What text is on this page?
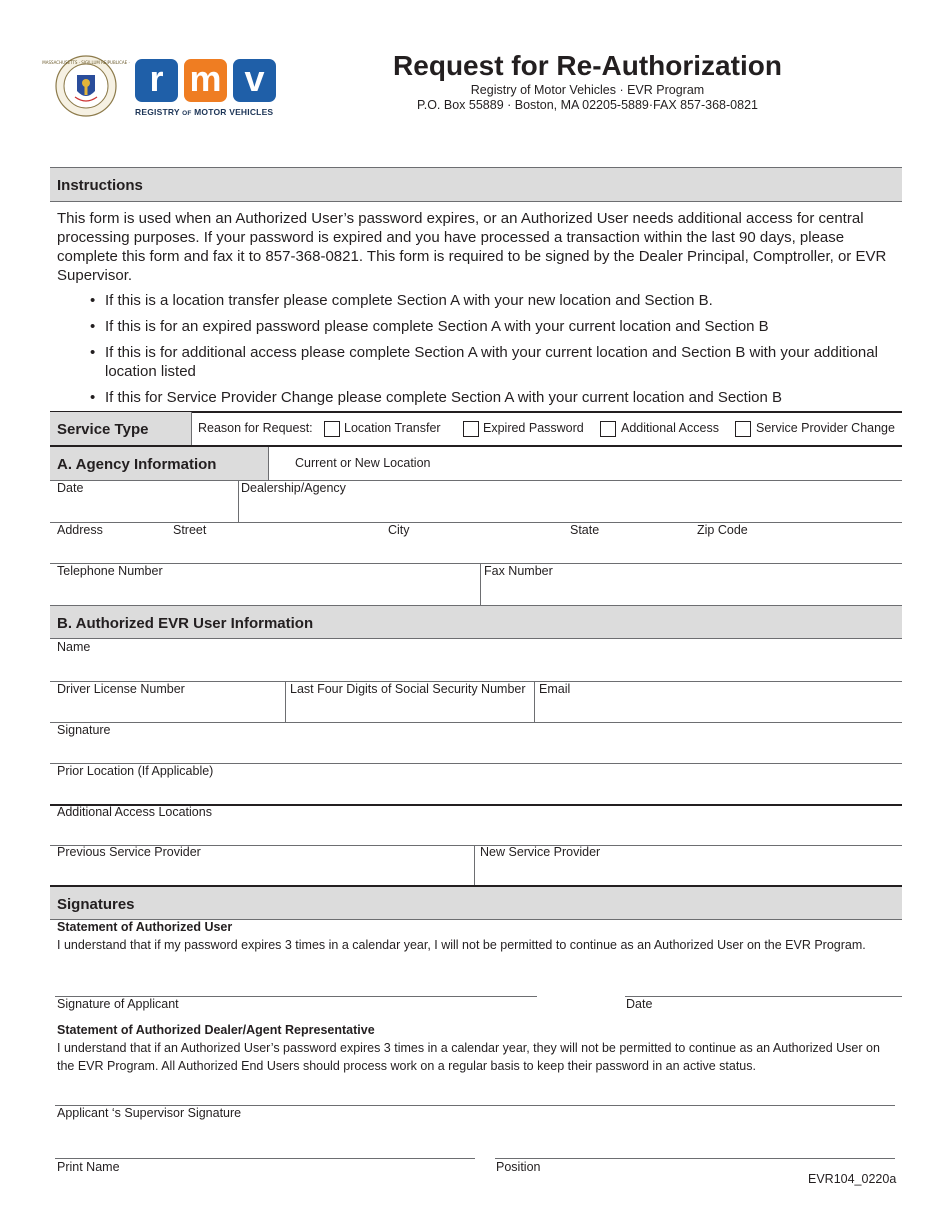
MASSACHUSETTS · SIGILLUM REIPUBLICAE · r m v
REGISTRY OF MOTOR VEHICLES
Request for Re-Authorization
Registry of Motor Vehicles · EVR Program
P.O. Box 55889 · Boston, MA 02205-5889·FAX 857-368-0821
Instructions
This form is used when an Authorized User’s password expires, or an Authorized User needs additional access for central processing purposes. If your password is expired and you have processed a transaction within the last 90 days, please complete this form and fax it to 857-368-0821. This form is required to be signed by the Dealer Principal, Comptroller, or EVR Supervisor.
• If this is a location transfer please complete Section A with your new location and Section B.
• If this is for an expired password please complete Section A with your current location and Section B
• If this is for additional access please complete Section A with your current location and Section B with your additional location listed
• If this for Service Provider Change please complete Section A with your current location and Section B
Service Type	Reason for Request:	Location Transfer	Expired Password	Additional Access	Service Provider Change
A. Agency Information	Current or New Location
Date	Dealership/Agency
Address	Street	City	State	Zip Code
Telephone Number	Fax Number
B. Authorized EVR User Information
Name
Driver License Number	Last Four Digits of Social Security Number Email
Signature
Prior Location (If Applicable)
Additional Access Locations
Previous Service Provider	New Service Provider
Signatures
Statement of Authorized User
I understand that if my password expires 3 times in a calendar year, I will not be permitted to continue as an Authorized User on the EVR Program.
Signature of Applicant	Date
Statement of Authorized Dealer/Agent Representative
I understand that if an Authorized User’s password expires 3 times in a calendar year, they will not be permitted to continue as an Authorized User on the EVR Program. All Authorized End Users should process work on a regular basis to keep their password in an active status.
Applicant ‘s Supervisor Signature
Print Name	Position
EVR104_0220a
